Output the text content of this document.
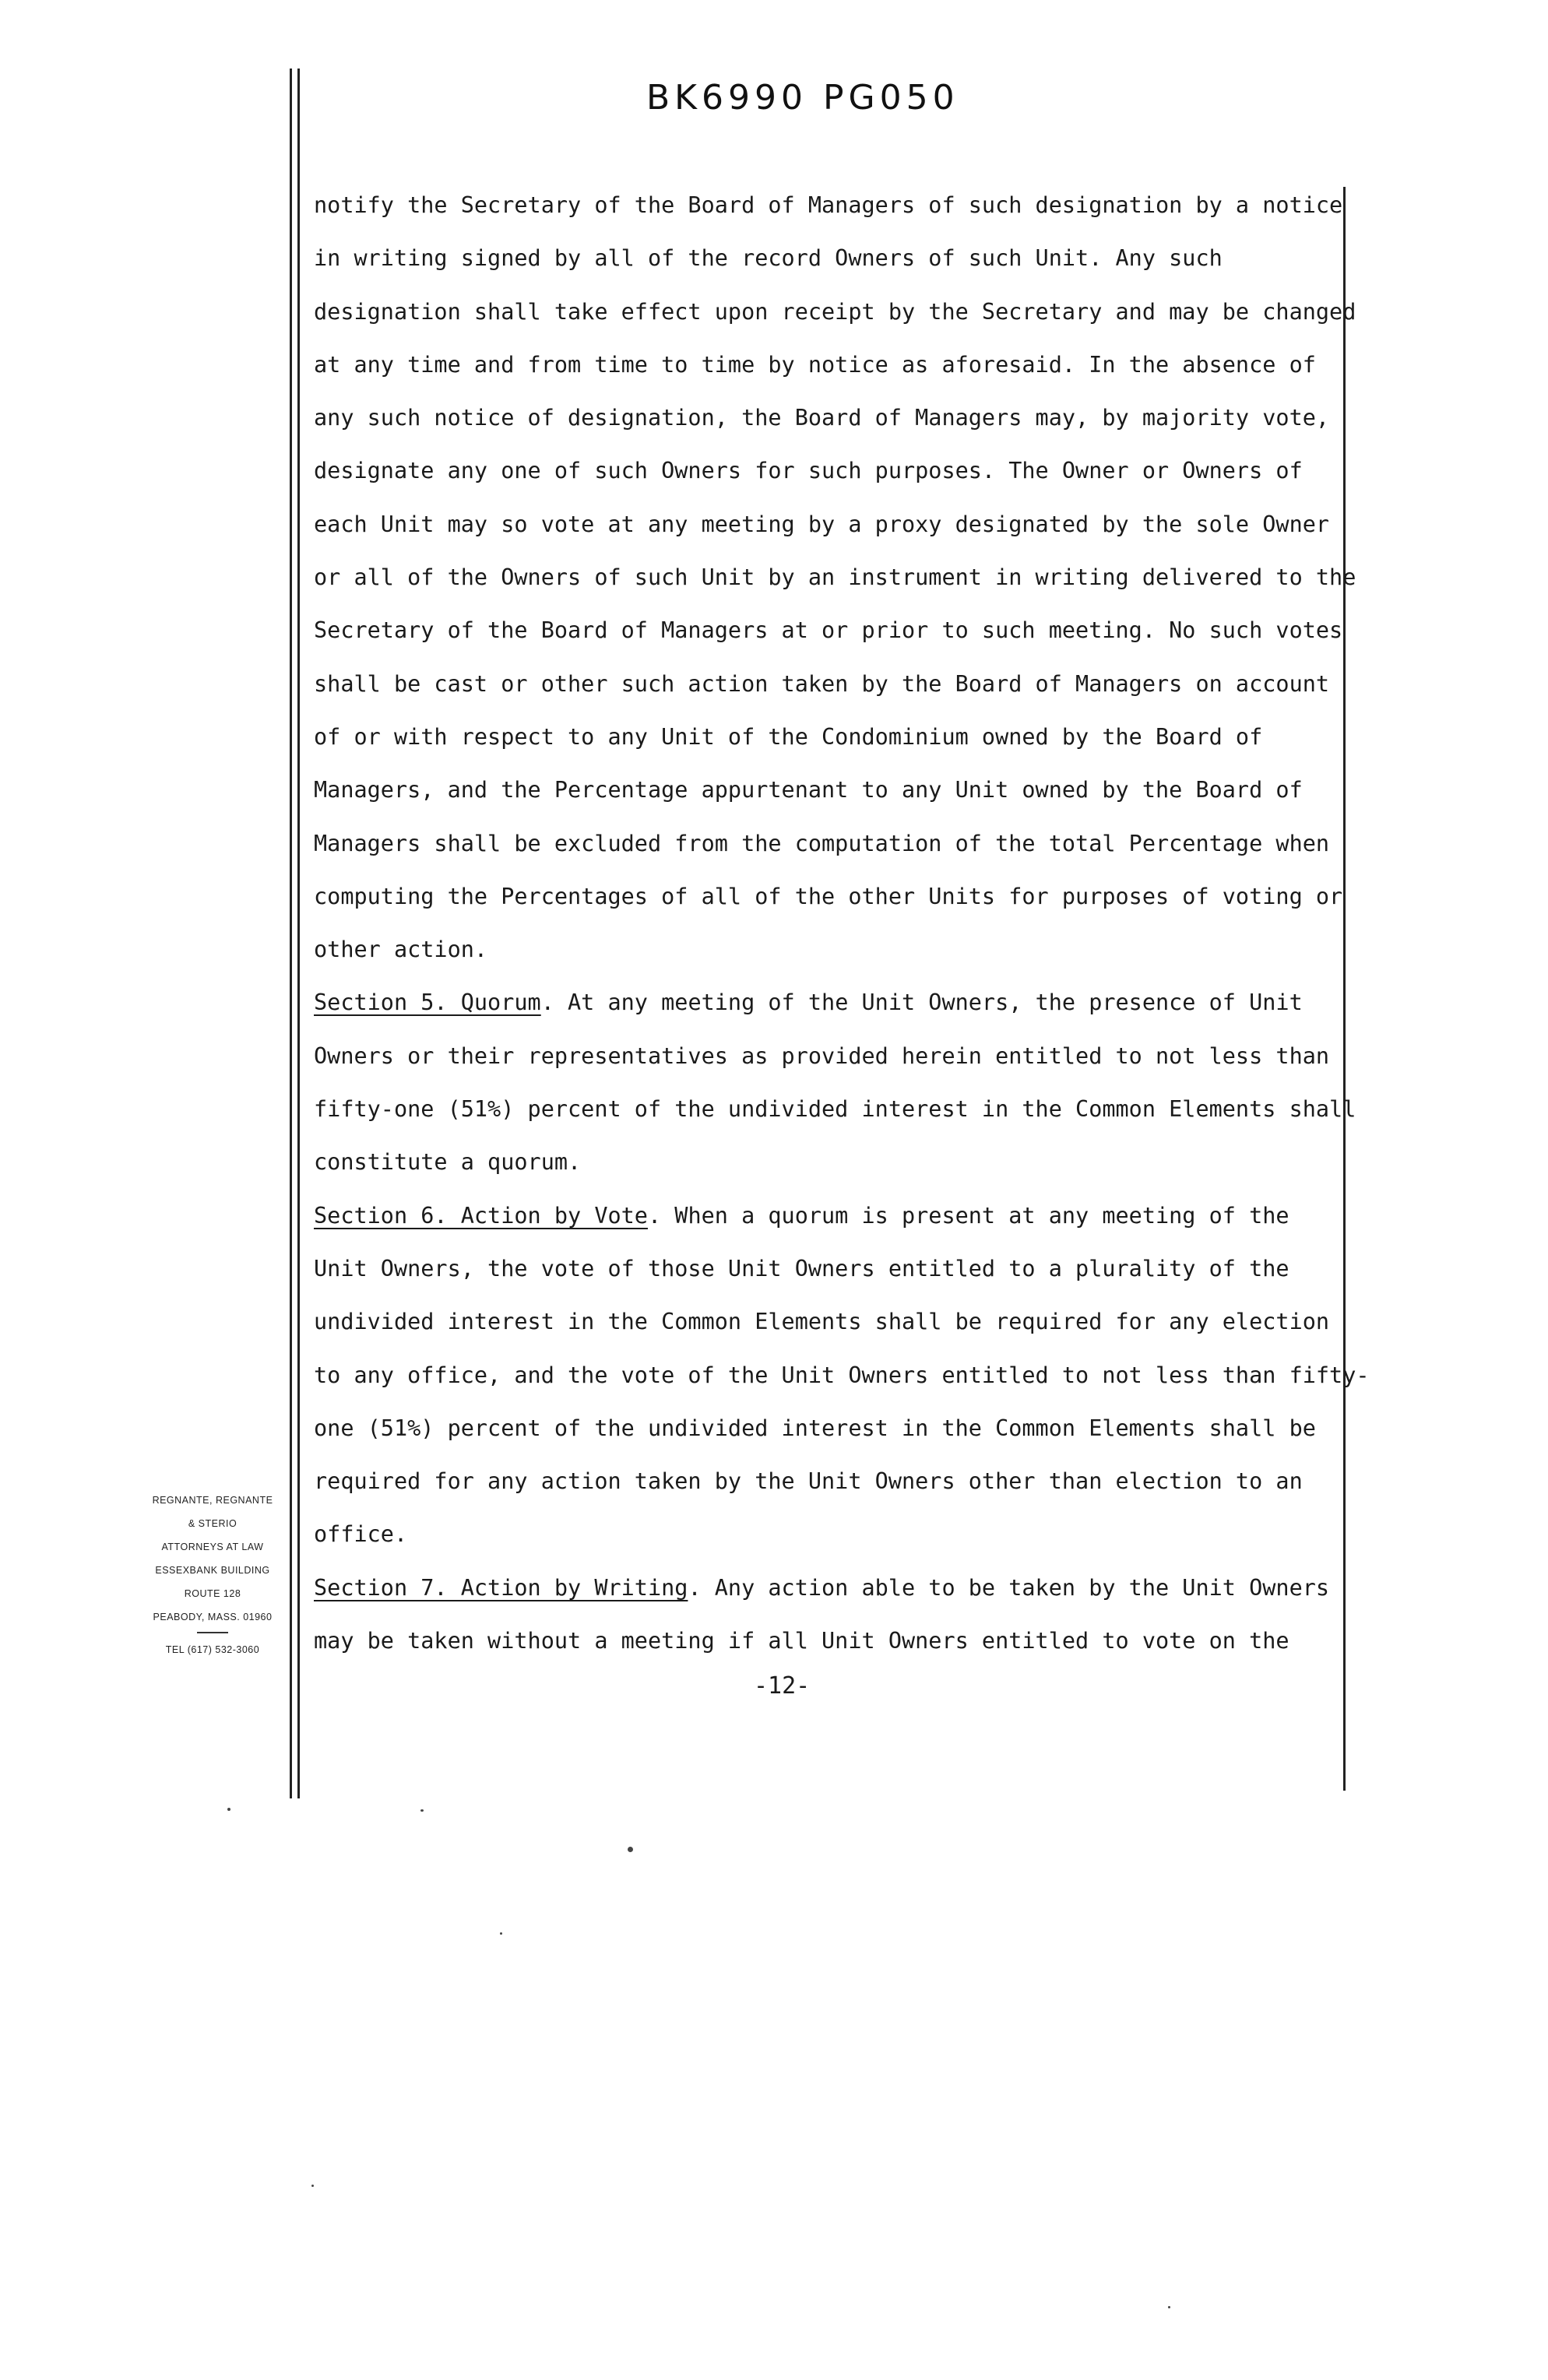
BK6990 PG050
notify the Secretary of the Board of Managers of such designation by a notice
in writing signed by all of the record Owners of such Unit. Any such
designation shall take effect upon receipt by the Secretary and may be changed
at any time and from time to time by notice as aforesaid. In the absence of
any such notice of designation, the Board of Managers may, by majority vote,
designate any one of such Owners for such purposes. The Owner or Owners of
each Unit may so vote at any meeting by a proxy designated by the sole Owner
or all of the Owners of such Unit by an instrument in writing delivered to the
Secretary of the Board of Managers at or prior to such meeting. No such votes
shall be cast or other such action taken by the Board of Managers on account
of or with respect to any Unit of the Condominium owned by the Board of
Managers, and the Percentage appurtenant to any Unit owned by the Board of
Managers shall be excluded from the computation of the total Percentage when
computing the Percentages of all of the other Units for purposes of voting or
other action.
Section 5. Quorum. At any meeting of the Unit Owners, the presence of Unit
Owners or their representatives as provided herein entitled to not less than
fifty-one (51%) percent of the undivided interest in the Common Elements shall
constitute a quorum.
Section 6. Action by Vote. When a quorum is present at any meeting of the
Unit Owners, the vote of those Unit Owners entitled to a plurality of the
undivided interest in the Common Elements shall be required for any election
to any office, and the vote of the Unit Owners entitled to not less than fifty-
one (51%) percent of the undivided interest in the Common Elements shall be
required for any action taken by the Unit Owners other than election to an
office.
Section 7. Action by Writing. Any action able to be taken by the Unit Owners
may be taken without a meeting if all Unit Owners entitled to vote on the
-12-
REGNANTE, REGNANTE
& STERIO
ATTORNEYS AT LAW
ESSEXBANK BUILDING
ROUTE 128
PEABODY, MASS. 01960
TEL (617) 532-3060
